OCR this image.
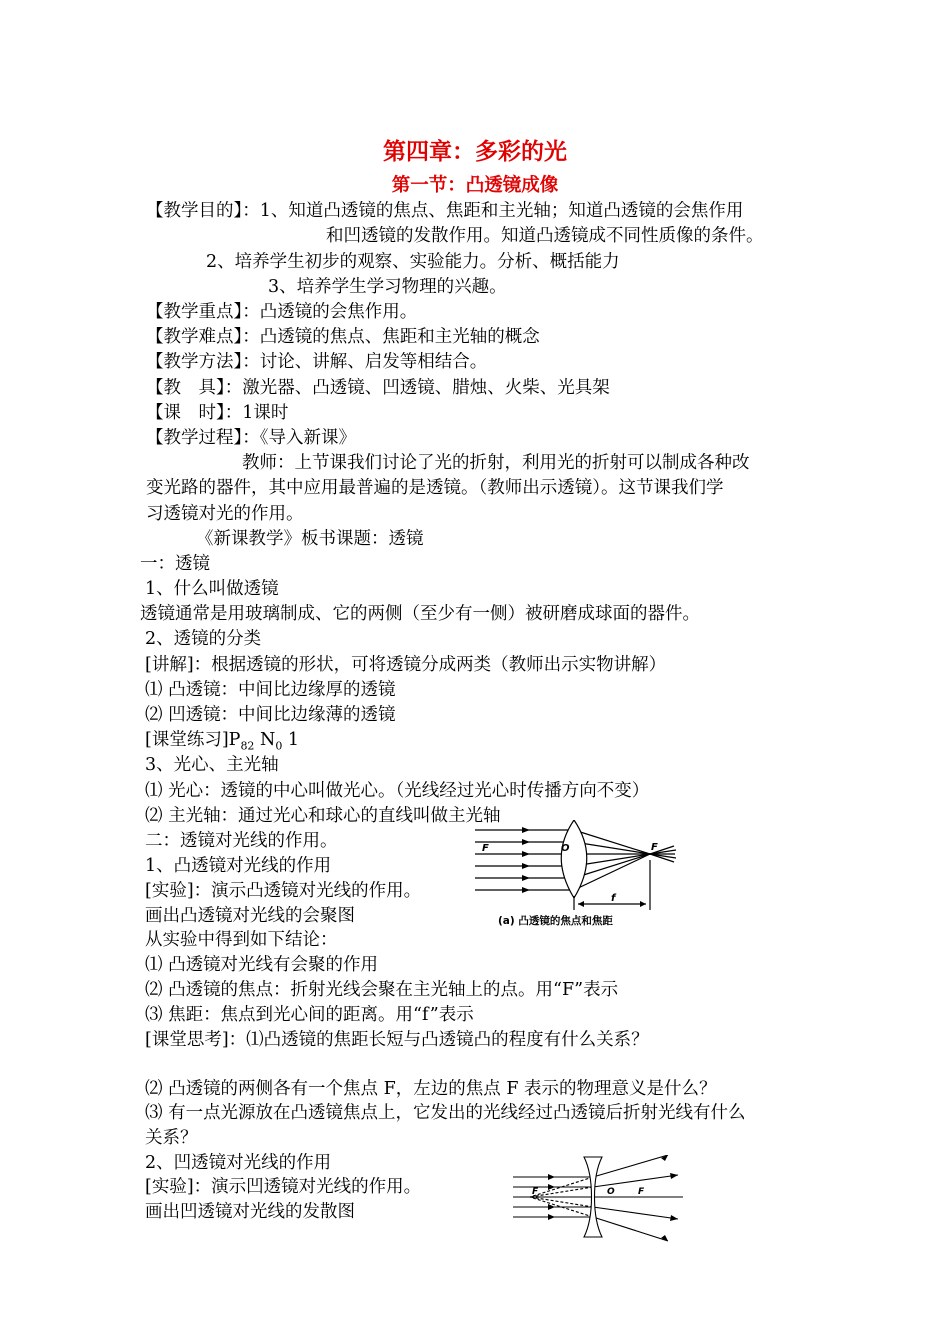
第四章：多彩的光
第一节：凸透镜成像
【教学目的】：1、知道凸透镜的焦点、焦距和主光轴；知道凸透镜的会焦作用
和凹透镜的发散作用。知道凸透镜成不同性质像的条件。
2、培养学生初步的观察、实验能力。分析、概括能力
3、培养学生学习物理的兴趣。
【教学重点】：凸透镜的会焦作用。
【教学难点】：凸透镜的焦点、焦距和主光轴的概念
【教学方法】：讨论、讲解、启发等相结合。
【教　具】：激光器、凸透镜、凹透镜、腊烛、火柴、光具架
【课　时】：1课时
【教学过程】：《导入新课》
教师：上节课我们讨论了光的折射，利用光的折射可以制成各种改
变光路的器件，其中应用最普遍的是透镜。（教师出示透镜）。这节课我们学
习透镜对光的作用。
《新课教学》板书课题：透镜
一：透镜
1、什么叫做透镜
透镜通常是用玻璃制成、它的两侧（至少有一侧）被研磨成球面的器件。
2、透镜的分类
[讲解]：根据透镜的形状，可将透镜分成两类（教师出示实物讲解）
⑴ 凸透镜：中间比边缘厚的透镜
⑵ 凹透镜：中间比边缘薄的透镜
[课堂练习]$P_{82}$ $N_0$ 1
3、光心、主光轴
⑴ 光心：透镜的中心叫做光心。（光线经过光心时传播方向不变）
⑵ 主光轴：通过光心和球心的直线叫做主光轴
二：透镜对光线的作用。
1、凸透镜对光线的作用
[实验]：演示凸透镜对光线的作用。
画出凸透镜对光线的会聚图
从实验中得到如下结论：
⑴ 凸透镜对光线有会聚的作用
⑵ 凸透镜的焦点：折射光线会聚在主光轴上的点。用“F”表示
⑶ 焦距：焦点到光心间的距离。用“f”表示
[课堂思考]：⑴凸透镜的焦距长短与凸透镜凸的程度有什么关系？
⑵ 凸透镜的两侧各有一个焦点 F，左边的焦点 F 表示的物理意义是什么？
⑶ 有一点光源放在凸透镜焦点上，它发出的光线经过凸透镜后折射光线有什么
关系？
2、凹透镜对光线的作用
[实验]：演示凹透镜对光线的作用。
画出凹透镜对光线的发散图
F	O	F
f
(a) 凸透镜的焦点和焦距
F	O	F
